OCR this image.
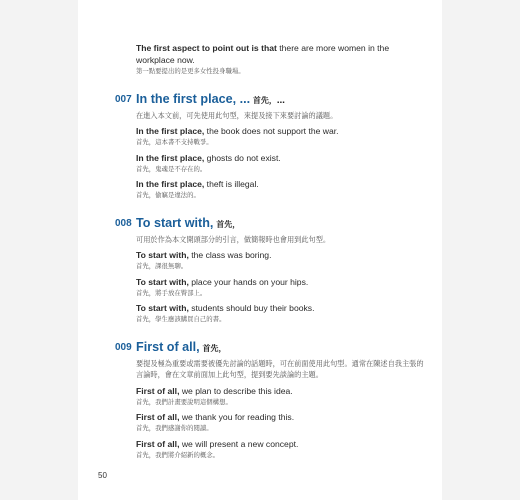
The first aspect to point out is that there are more women in the workplace now.
第一點要提出的是更多女性投身職場。
007 In the first place, ... 首先，…
在進入本文前，可先使用此句型，來提及接下來要討論的議題。
In the first place, the book does not support the war.
首先，這本書不支持戰爭。
In the first place, ghosts do not exist.
首先，鬼魂是不存在的。
In the first place, theft is illegal.
首先，偷竊是違法的。
008 To start with, 首先，
可用於作為本文開頭部分的引言，做簡報時也會用到此句型。
To start with, the class was boring.
首先，課很無聊。
To start with, place your hands on your hips.
首先，將手放在臀部上。
To start with, students should buy their books.
首先，學生應該購買自己的書。
009 First of all, 首先，
要提及極為重要或需要被優先討論的話題時，可在前面使用此句型。通常在陳述自我主張的言論時，會在文章前面加上此句型，提到要先談論的主題。
First of all, we plan to describe this idea.
首先，我們計畫要說明這個構想。
First of all, we thank you for reading this.
首先，我們感謝你的閱讀。
First of all, we will present a new concept.
首先，我們將介紹新的概念。
50
